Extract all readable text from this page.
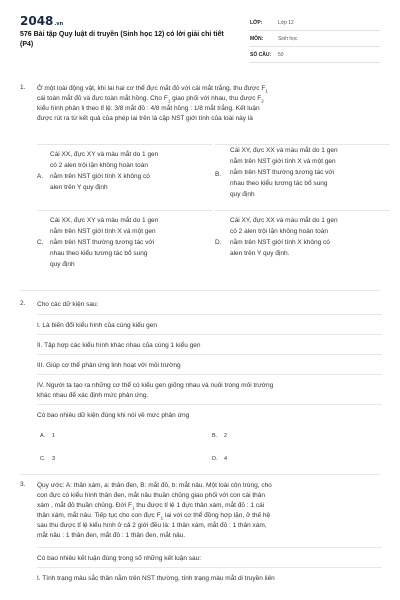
2048.vn
576 Bài tập Quy luật di truyền (Sinh học 12) có lời giải chi tiết (P4)
LỚP:	Lớp 12
MÔN:	Sinh học
SỐ CÂU:	50
1. Ở một loài động vật, khi lai hai cơ thể đực mắt đỏ với cái mắt trắng, thu được $F_1$

cái toàn mắt đỏ và đực toàn mắt hồng. Cho $F_1$ giao phối với nhau, thu được $F_2$

kiểu hình phân li theo tỉ lệ: 3/8 mắt đỏ : 4/8 mắt hồng : 1/8 mắt trắng. Kết luận

được rút ra từ kết quả của phép lai trên là cặp NST giới tính của loài này là

A.
Cái XX, đực XY và màu mắt do 1 gen
có 2 alen trội lặn không hoàn toàn
nằm trên NST giới tính X không có
alen trên Y quy định
B.
Cái XY, đực XX và màu mắt do 1 gen
nằm trên NST giới tính X và một gen
nằm trên NST thường tương tác với
nhau theo kiểu tương tác bổ sung
quy định
C.
Cái XX, đực XY và màu mắt do 1 gen
nằm trên NST giới tính X và một gen
nằm trên NST thường tương tác với
nhau theo kiểu tương tác bổ sung
quy định
D.
Cái XY, đực XX và màu mắt do 1 gen
có 2 alen trội lặn không hoàn toàn
nằm trên NST giới tính X không có
alen trên Y quy định.
2. Cho các dữ kiện sau:
I. Là biến đổi kiểu hình của cùng kiểu gen
II. Tập hợp các kiểu hình khác nhau của cùng 1 kiểu gen
III. Giúp cơ thể phản ứng linh hoạt với môi trường
IV. Người ta tạo ra những cơ thể có kiểu gen giống nhau và nuôi trong môi trường
khác nhau để xác định mức phản ứng.
Có bao nhiêu dữ kiện đúng khi nói về mức phản ứng
A. 1	B. 2
C. 3	D. 4
3. Quy ước: A: thân xám, a: thân đen, B: mắt đỏ, b: mắt nâu. Một loài côn trùng, cho

con đực có kiểu hình thân đen, mắt nâu thuần chủng giao phối với con cái thân

xám , mắt đỏ thuần chủng. Đời $F_1$ thu được tỉ lệ 1 đực thân xám, mắt đỏ : 1 cái

thân xám, mắt nâu. Tiếp tục cho con đực $F_1$ lai với cơ thể đồng hợp lặn, ở thế hệ

sau thu được tỉ lệ kiểu hình ở cả 2 giới đều là: 1 thân xám, mắt đỏ : 1 thân xám,

mắt nâu : 1 thân đen, mắt đỏ : 1 thân đen, mắt nâu.

Có bao nhiêu kết luận đúng trong số những kết luận sau:
I. Tính trạng màu sắc thân nằm trên NST thường, tính trạng màu mắt di truyền liên
